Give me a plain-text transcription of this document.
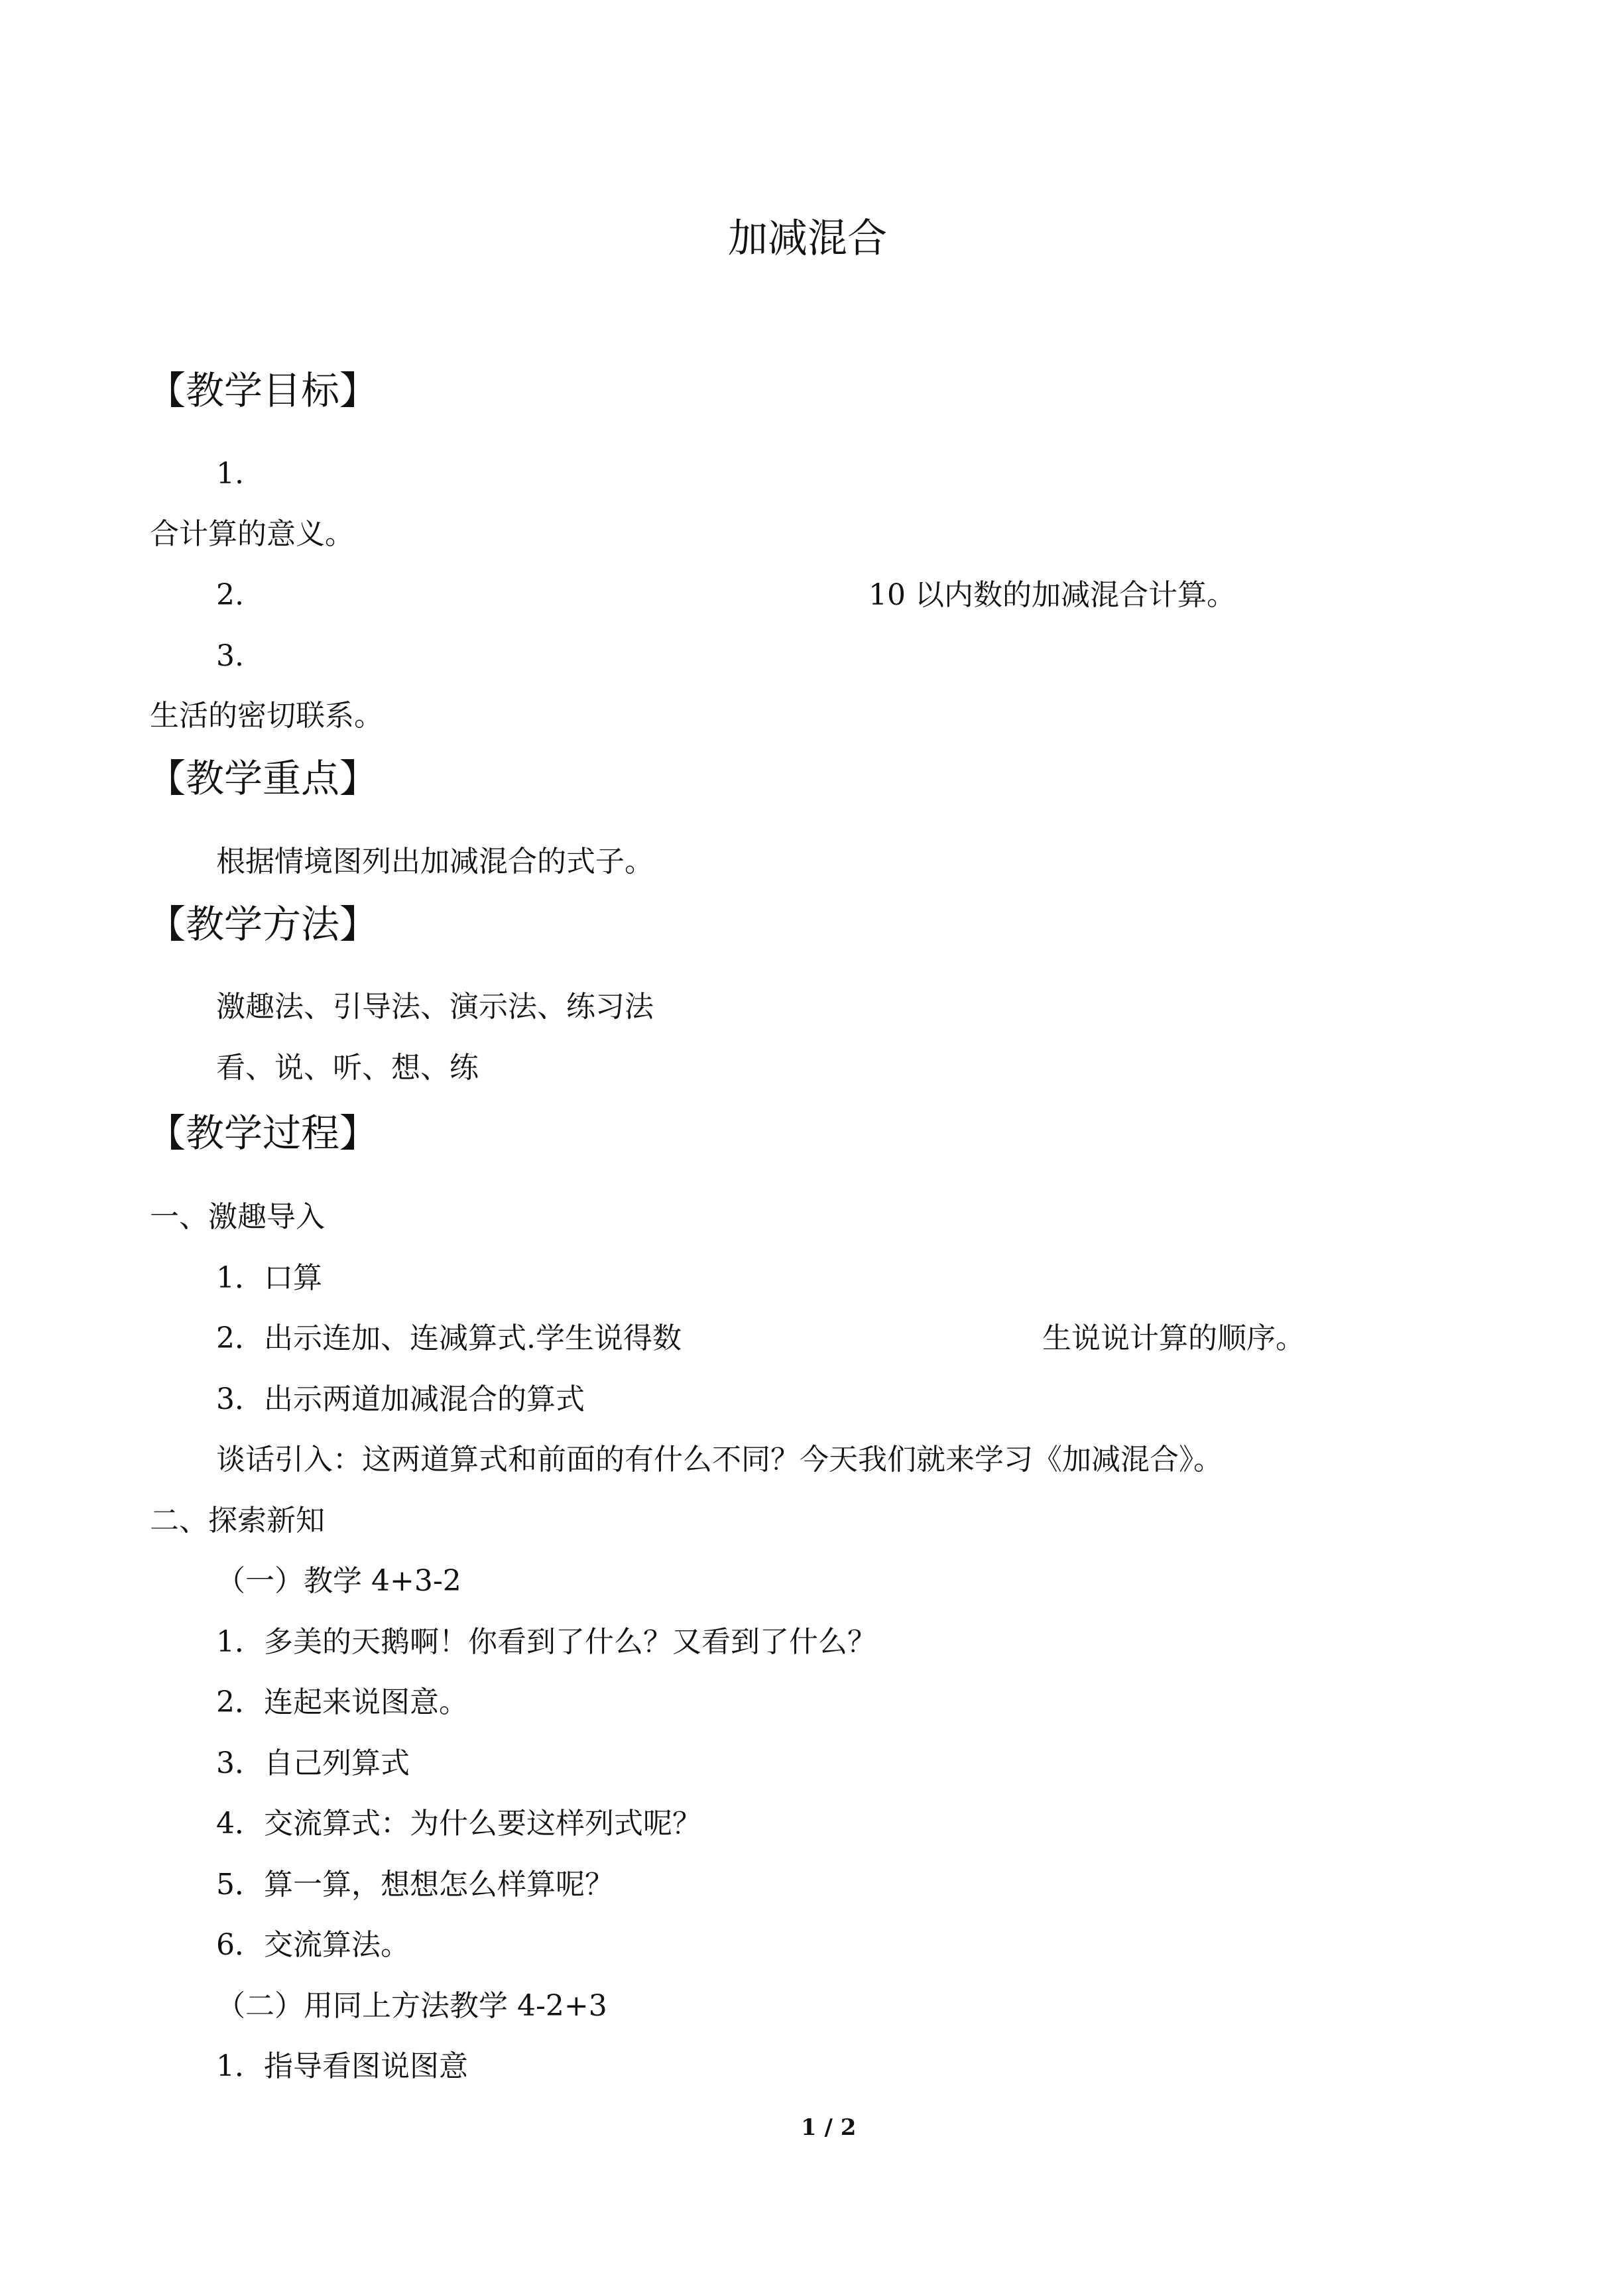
加减混合
【教学目标】
1.
合计算的意义。
2.	10 以内数的加减混合计算。
3.
生活的密切联系。
【教学重点】
根据情境图列出加减混合的式子。
【教学方法】
激趣法、引导法、演示法、练习法
看、说、听、想、练
【教学过程】
一、激趣导入
1．口算
2．出示连加、连减算式.学生说得数	生说说计算的顺序。
3．出示两道加减混合的算式
谈话引入：这两道算式和前面的有什么不同？今天我们就来学习《加减混合》。
二、探索新知
（一）教学 4+3-2
1．多美的天鹅啊！你看到了什么？又看到了什么？
2．连起来说图意。
3．自己列算式
4．交流算式：为什么要这样列式呢？
5．算一算，想想怎么样算呢？
6．交流算法。
（二）用同上方法教学 4-2+3
1．指导看图说图意
1 / 2
